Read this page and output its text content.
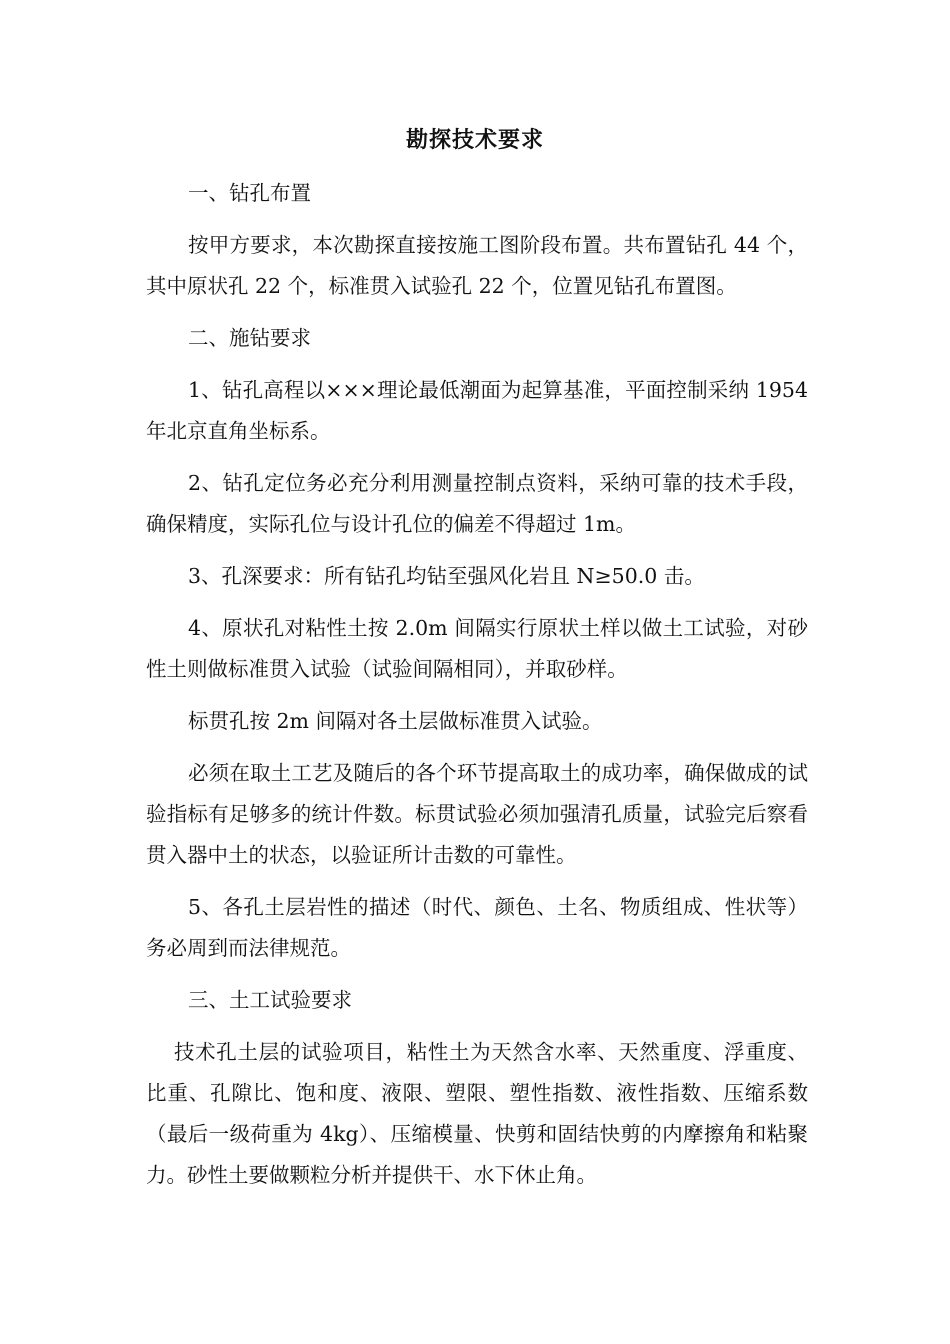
勘探技术要求

一、钻孔布置

按甲方要求，本次勘探直接按施工图阶段布置。共布置钻孔 44 个，其中原状孔 22 个，标准贯入试验孔 22 个，位置见钻孔布置图。

二、施钻要求

1、钻孔高程以×××理论最低潮面为起算基准，平面控制采纳 1954 年北京直角坐标系。

2、钻孔定位务必充分利用测量控制点资料，采纳可靠的技术手段，确保精度，实际孔位与设计孔位的偏差不得超过 1m。

3、孔深要求：所有钻孔均钻至强风化岩且 N≥50.0 击。

4、原状孔对粘性土按 2.0m 间隔实行原状土样以做土工试验，对砂性土则做标准贯入试验（试验间隔相同），并取砂样。

标贯孔按 2m 间隔对各土层做标准贯入试验。

必须在取土工艺及随后的各个环节提高取土的成功率，确保做成的试验指标有足够多的统计件数。标贯试验必须加强清孔质量，试验完后察看贯入器中土的状态，以验证所计击数的可靠性。

5、各孔土层岩性的描述（时代、颜色、土名、物质组成、性状等）务必周到而法律规范。

三、土工试验要求

技术孔土层的试验项目，粘性土为天然含水率、天然重度、浮重度、比重、孔隙比、饱和度、液限、塑限、塑性指数、液性指数、压缩系数（最后一级荷重为 4kg）、压缩模量、快剪和固结快剪的内摩擦角和粘聚力。砂性土要做颗粒分析并提供干、水下休止角。
